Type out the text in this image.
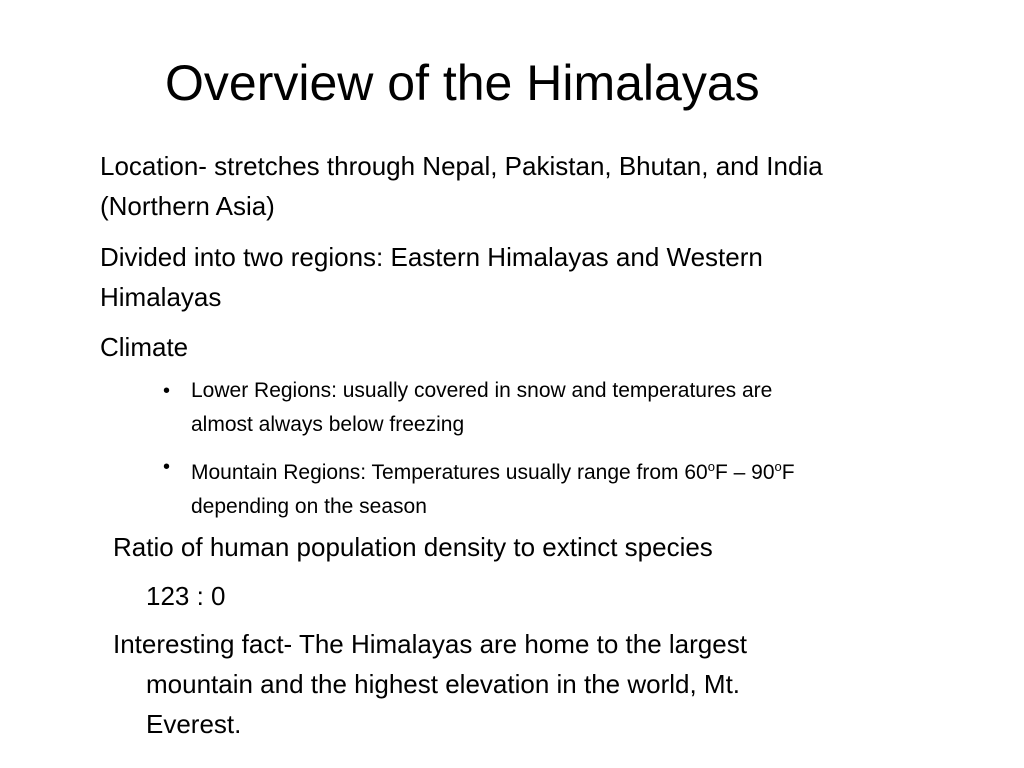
Overview of the Himalayas
Location- stretches through Nepal, Pakistan, Bhutan, and India
(Northern Asia)
Divided into two regions: Eastern Himalayas and Western
Himalayas
Climate
• Lower Regions: usually covered in snow and temperatures are
almost always below freezing
• Mountain Regions: Temperatures usually range from 60$^o$F – 90$^o$F
depending on the season
Ratio of human population density to extinct species
123 : 0
Interesting fact- The Himalayas are home to the largest
mountain and the highest elevation in the world, Mt.
Everest.
